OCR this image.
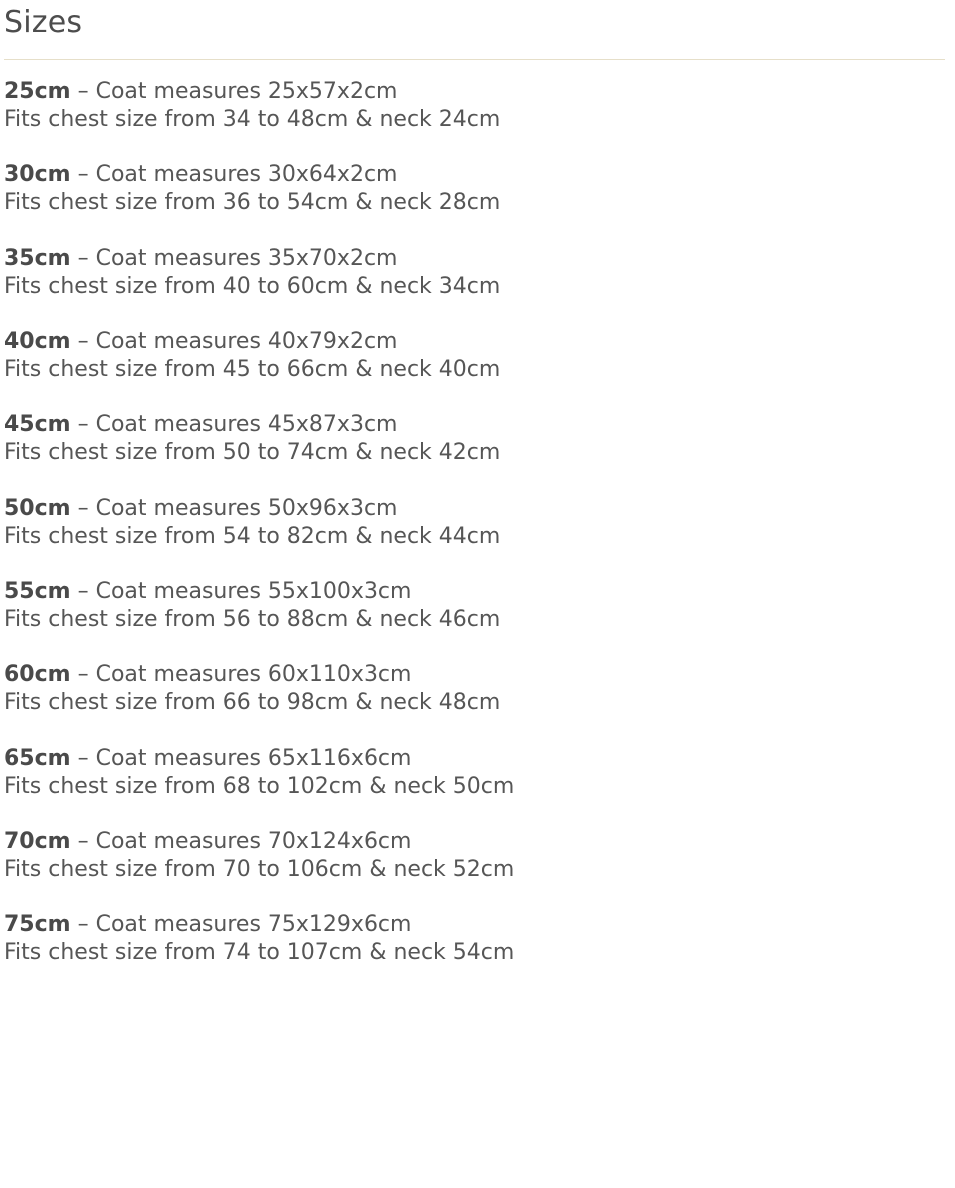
Sizes
25cm – Coat measures 25x57x2cm
Fits chest size from 34 to 48cm & neck 24cm
30cm – Coat measures 30x64x2cm
Fits chest size from 36 to 54cm & neck 28cm
35cm – Coat measures 35x70x2cm
Fits chest size from 40 to 60cm & neck 34cm
40cm – Coat measures 40x79x2cm
Fits chest size from 45 to 66cm & neck 40cm
45cm – Coat measures 45x87x3cm
Fits chest size from 50 to 74cm & neck 42cm
50cm – Coat measures 50x96x3cm
Fits chest size from 54 to 82cm & neck 44cm
55cm – Coat measures 55x100x3cm
Fits chest size from 56 to 88cm & neck 46cm
60cm – Coat measures 60x110x3cm
Fits chest size from 66 to 98cm & neck 48cm
65cm – Coat measures 65x116x6cm
Fits chest size from 68 to 102cm & neck 50cm
70cm – Coat measures 70x124x6cm
Fits chest size from 70 to 106cm & neck 52cm
75cm – Coat measures 75x129x6cm
Fits chest size from 74 to 107cm & neck 54cm
